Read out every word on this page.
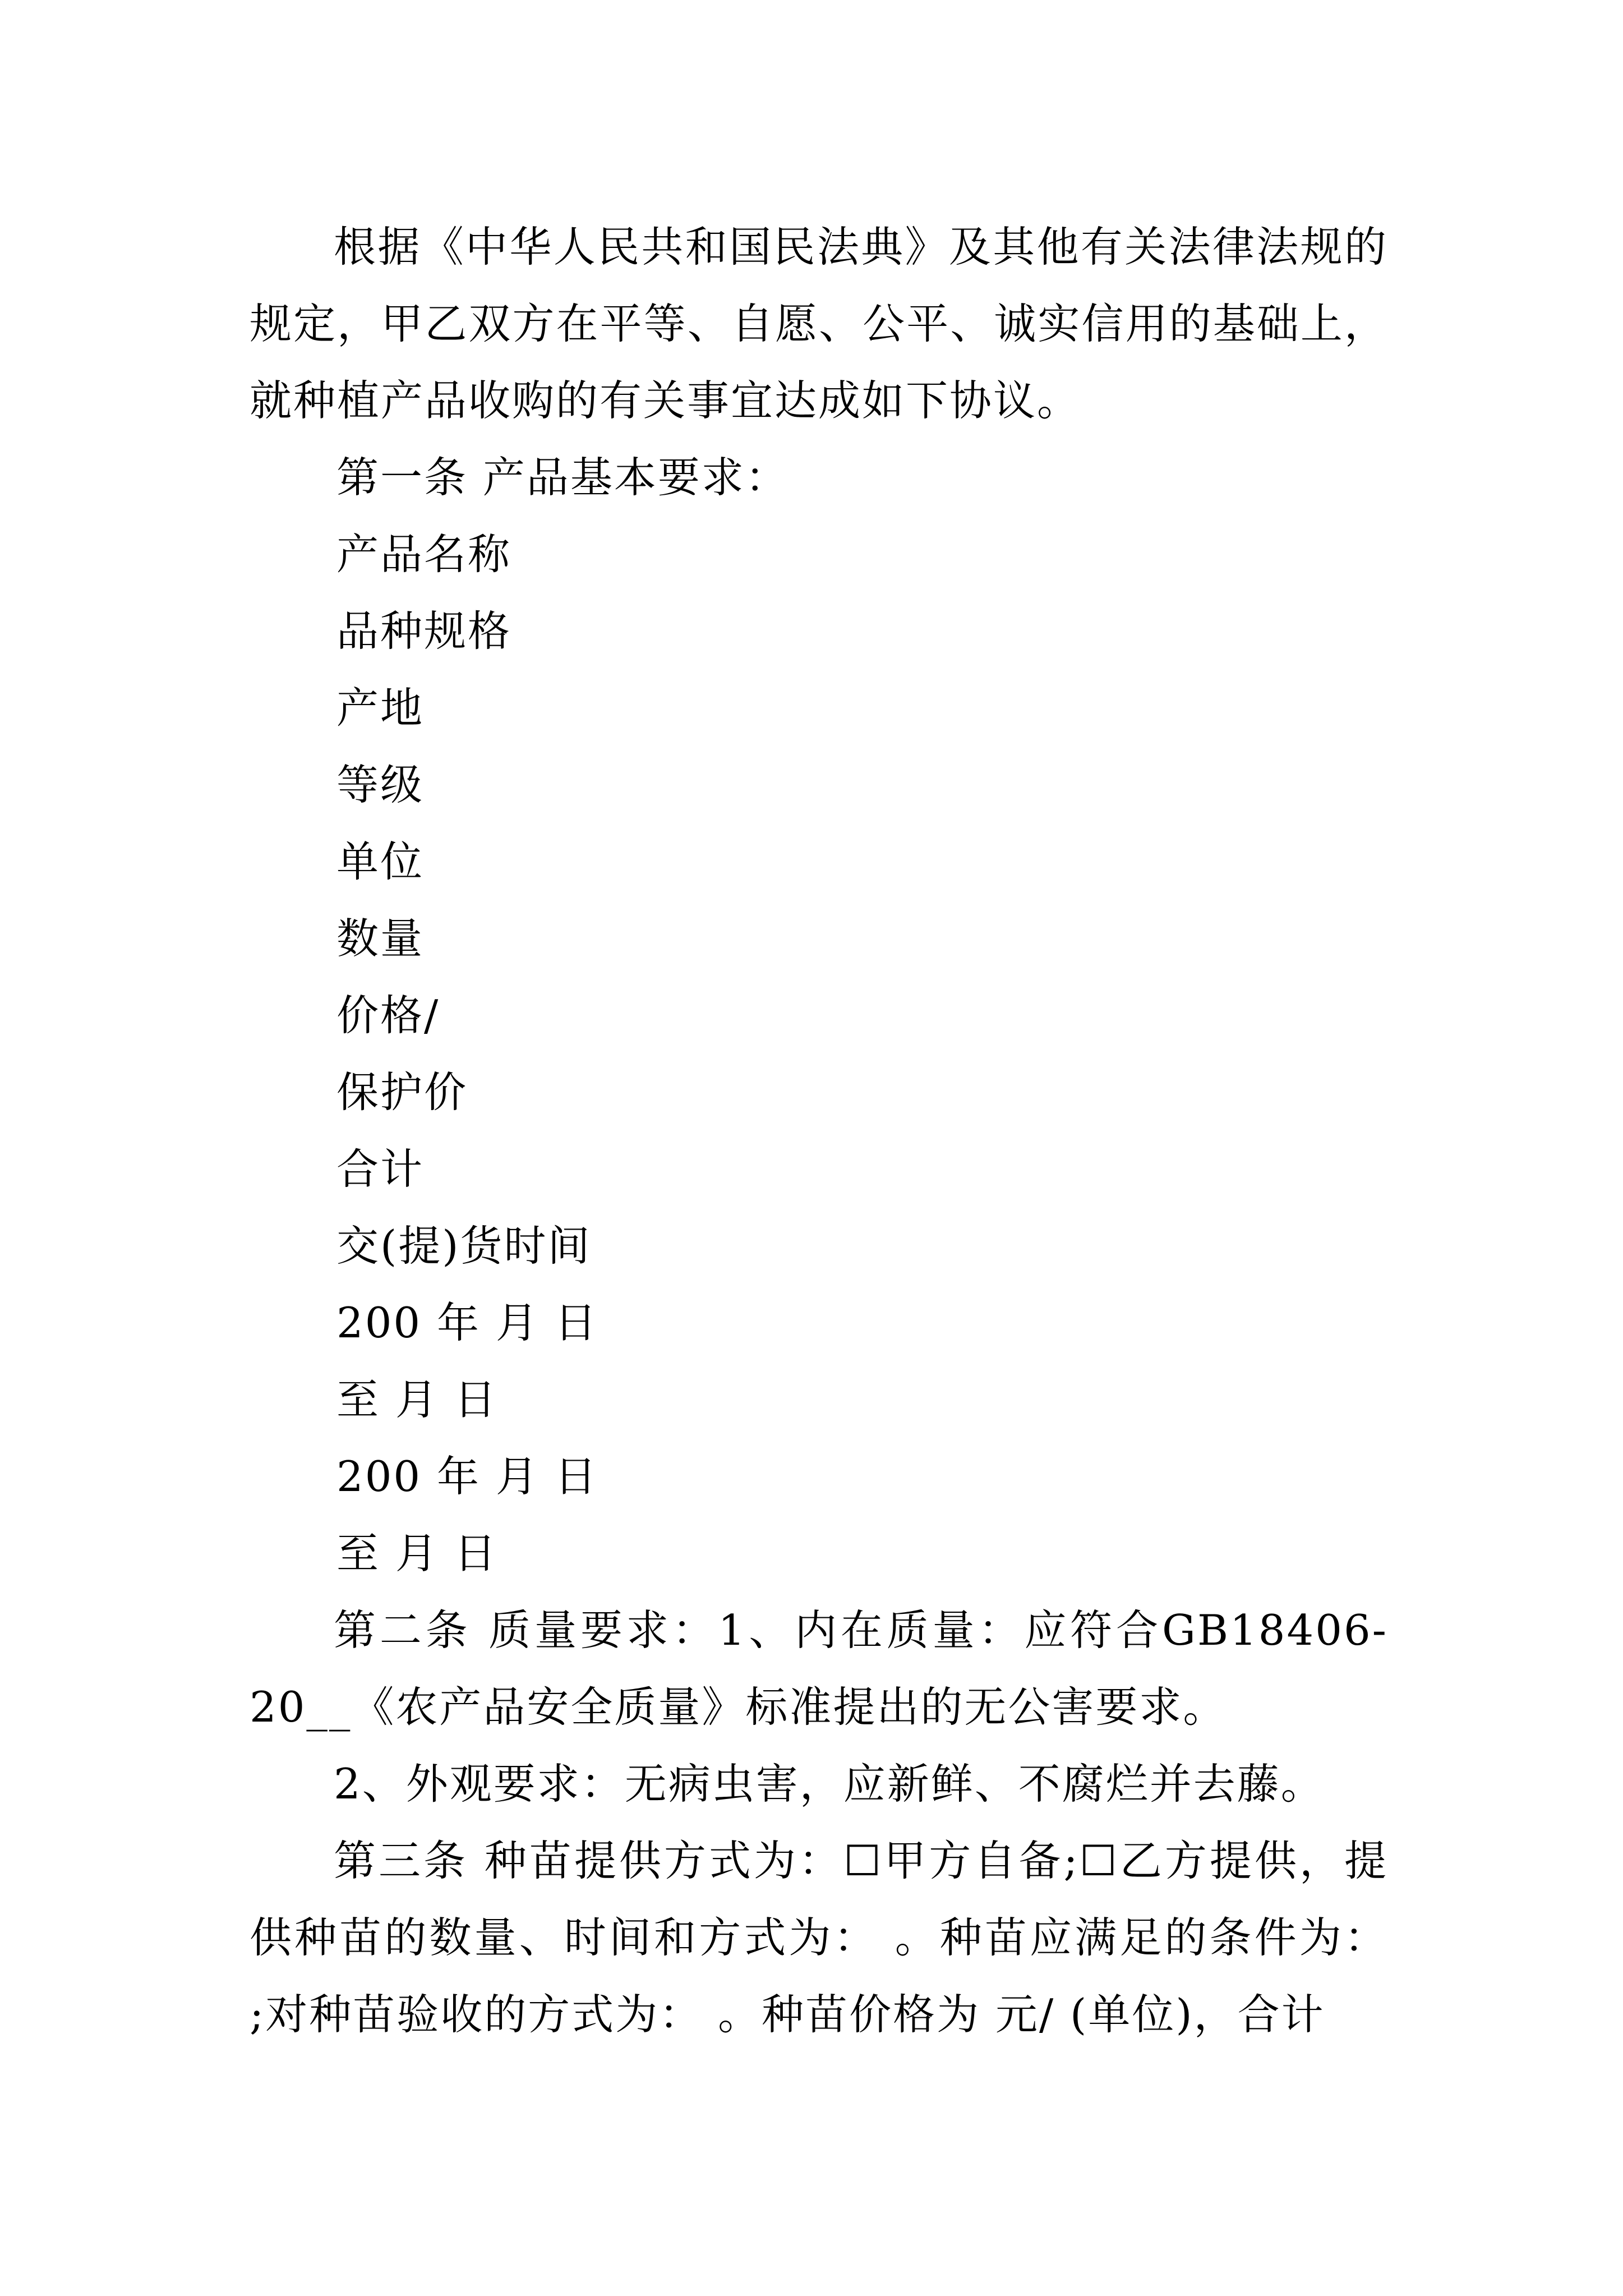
根据《中华人民共和国民法典》及其他有关法律法规的规定，甲乙双方在平等、自愿、公平、诚实信用的基础上，就种植产品收购的有关事宜达成如下协议。

第一条 产品基本要求：

产品名称

品种规格

产地

等级

单位

数量

价格/

保护价

合计

交(提)货时间

200 年 月 日

至 月 日

200 年 月 日

至 月 日

第二条 质量要求：1、内在质量：应符合GB18406-20__《农产品安全质量》标准提出的无公害要求。

2、外观要求：无病虫害，应新鲜、不腐烂并去藤。

第三条 种苗提供方式为：☐甲方自备;☐乙方提供，提供种苗的数量、时间和方式为： 。种苗应满足的条件为： ;对种苗验收的方式为： 。种苗价格为 元/ (单位)，合计
